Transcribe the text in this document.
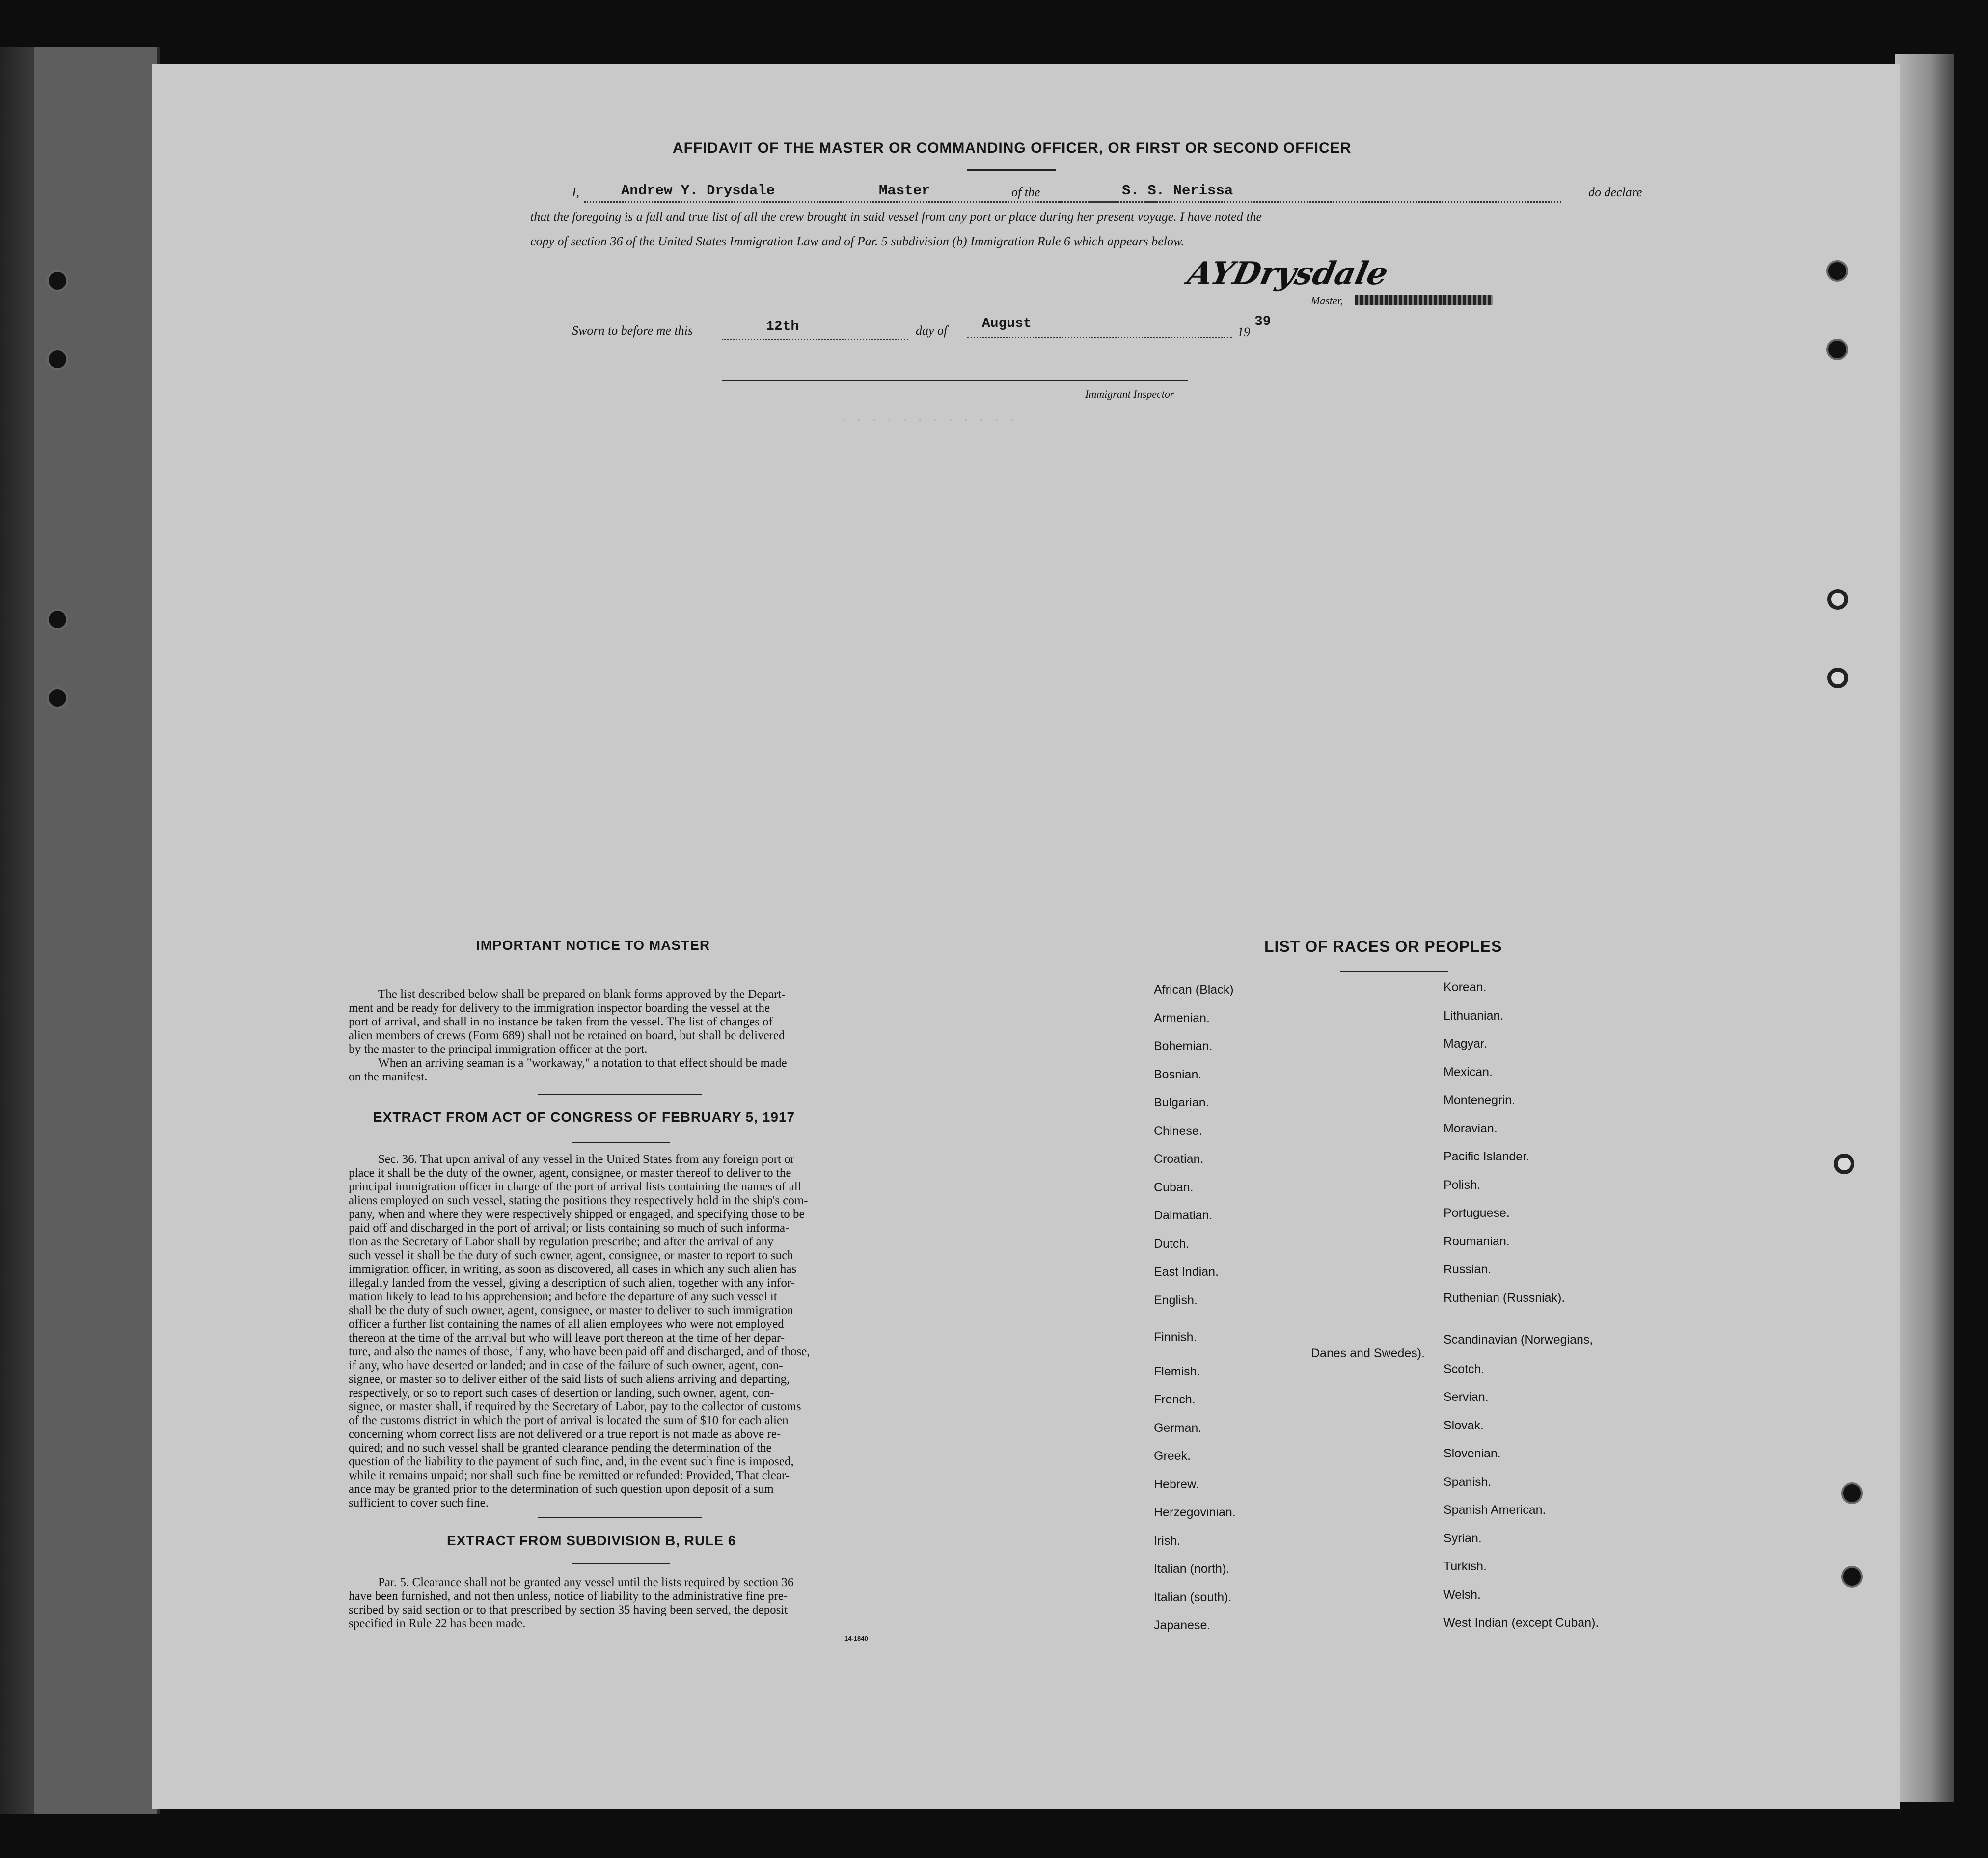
AFFIDAVIT OF THE MASTER OR COMMANDING OFFICER, OR FIRST OR SECOND OFFICER
I,	Andrew Y. Drysdale	Master	of the	S. S. Nerissa	do declare
that the foregoing is a full and true list of all the crew brought in said vessel from any port or place during her present voyage. I have noted the
copy of section 36 of the United States Immigration Law and of Par. 5 subdivision (b) Immigration Rule 6 which appears below.
AYDrysdale
Master,
Sworn to before me this	12th	day of	August
19
39
Immigrant Inspector
. . . . . . . . . . . .
IMPORTANT NOTICE TO MASTER
The list described below shall be prepared on blank forms approved by the Depart-
ment and be ready for delivery to the immigration inspector boarding the vessel at the
port of arrival, and shall in no instance be taken from the vessel. The list of changes of
alien members of crews (Form 689) shall not be retained on board, but shall be delivered
by the master to the principal immigration officer at the port.
When an arriving seaman is a "workaway," a notation to that effect should be made
on the manifest.
EXTRACT FROM ACT OF CONGRESS OF FEBRUARY 5, 1917
Sec. 36. That upon arrival of any vessel in the United States from any foreign port or
place it shall be the duty of the owner, agent, consignee, or master thereof to deliver to the
principal immigration officer in charge of the port of arrival lists containing the names of all
aliens employed on such vessel, stating the positions they respectively hold in the ship's com-
pany, when and where they were respectively shipped or engaged, and specifying those to be
paid off and discharged in the port of arrival; or lists containing so much of such informa-
tion as the Secretary of Labor shall by regulation prescribe; and after the arrival of any
such vessel it shall be the duty of such owner, agent, consignee, or master to report to such
immigration officer, in writing, as soon as discovered, all cases in which any such alien has
illegally landed from the vessel, giving a description of such alien, together with any infor-
mation likely to lead to his apprehension; and before the departure of any such vessel it
shall be the duty of such owner, agent, consignee, or master to deliver to such immigration
officer a further list containing the names of all alien employees who were not employed
thereon at the time of the arrival but who will leave port thereon at the time of her depar-
ture, and also the names of those, if any, who have been paid off and discharged, and of those,
if any, who have deserted or landed; and in case of the failure of such owner, agent, con-
signee, or master so to deliver either of the said lists of such aliens arriving and departing,
respectively, or so to report such cases of desertion or landing, such owner, agent, con-
signee, or master shall, if required by the Secretary of Labor, pay to the collector of customs
of the customs district in which the port of arrival is located the sum of $10 for each alien
concerning whom correct lists are not delivered or a true report is not made as above re-
quired; and no such vessel shall be granted clearance pending the determination of the
question of the liability to the payment of such fine, and, in the event such fine is imposed,
while it remains unpaid; nor shall such fine be remitted or refunded: Provided, That clear-
ance may be granted prior to the determination of such question upon deposit of a sum
sufficient to cover such fine.
EXTRACT FROM SUBDIVISION B, RULE 6
Par. 5. Clearance shall not be granted any vessel until the lists required by section 36
have been furnished, and not then unless, notice of liability to the administrative fine pre-
scribed by said section or to that prescribed by section 35 having been served, the deposit
specified in Rule 22 has been made.
14-1840
LIST OF RACES OR PEOPLES
African (Black)
Armenian.
Bohemian.
Bosnian.
Bulgarian.
Chinese.
Croatian.
Cuban.
Dalmatian.
Dutch.
East Indian.
English.
Finnish.
Flemish.
French.
German.
Greek.
Hebrew.
Herzegovinian.
Irish.
Italian (north).
Italian (south).
Japanese.
Korean.
Lithuanian.
Magyar.
Mexican.
Montenegrin.
Moravian.
Pacific Islander.
Polish.
Portuguese.
Roumanian.
Russian.
Ruthenian (Russniak).
Scandinavian (Norwegians,
Danes and Swedes).
Scotch.
Servian.
Slovak.
Slovenian.
Spanish.
Spanish American.
Syrian.
Turkish.
Welsh.
West Indian (except Cuban).
